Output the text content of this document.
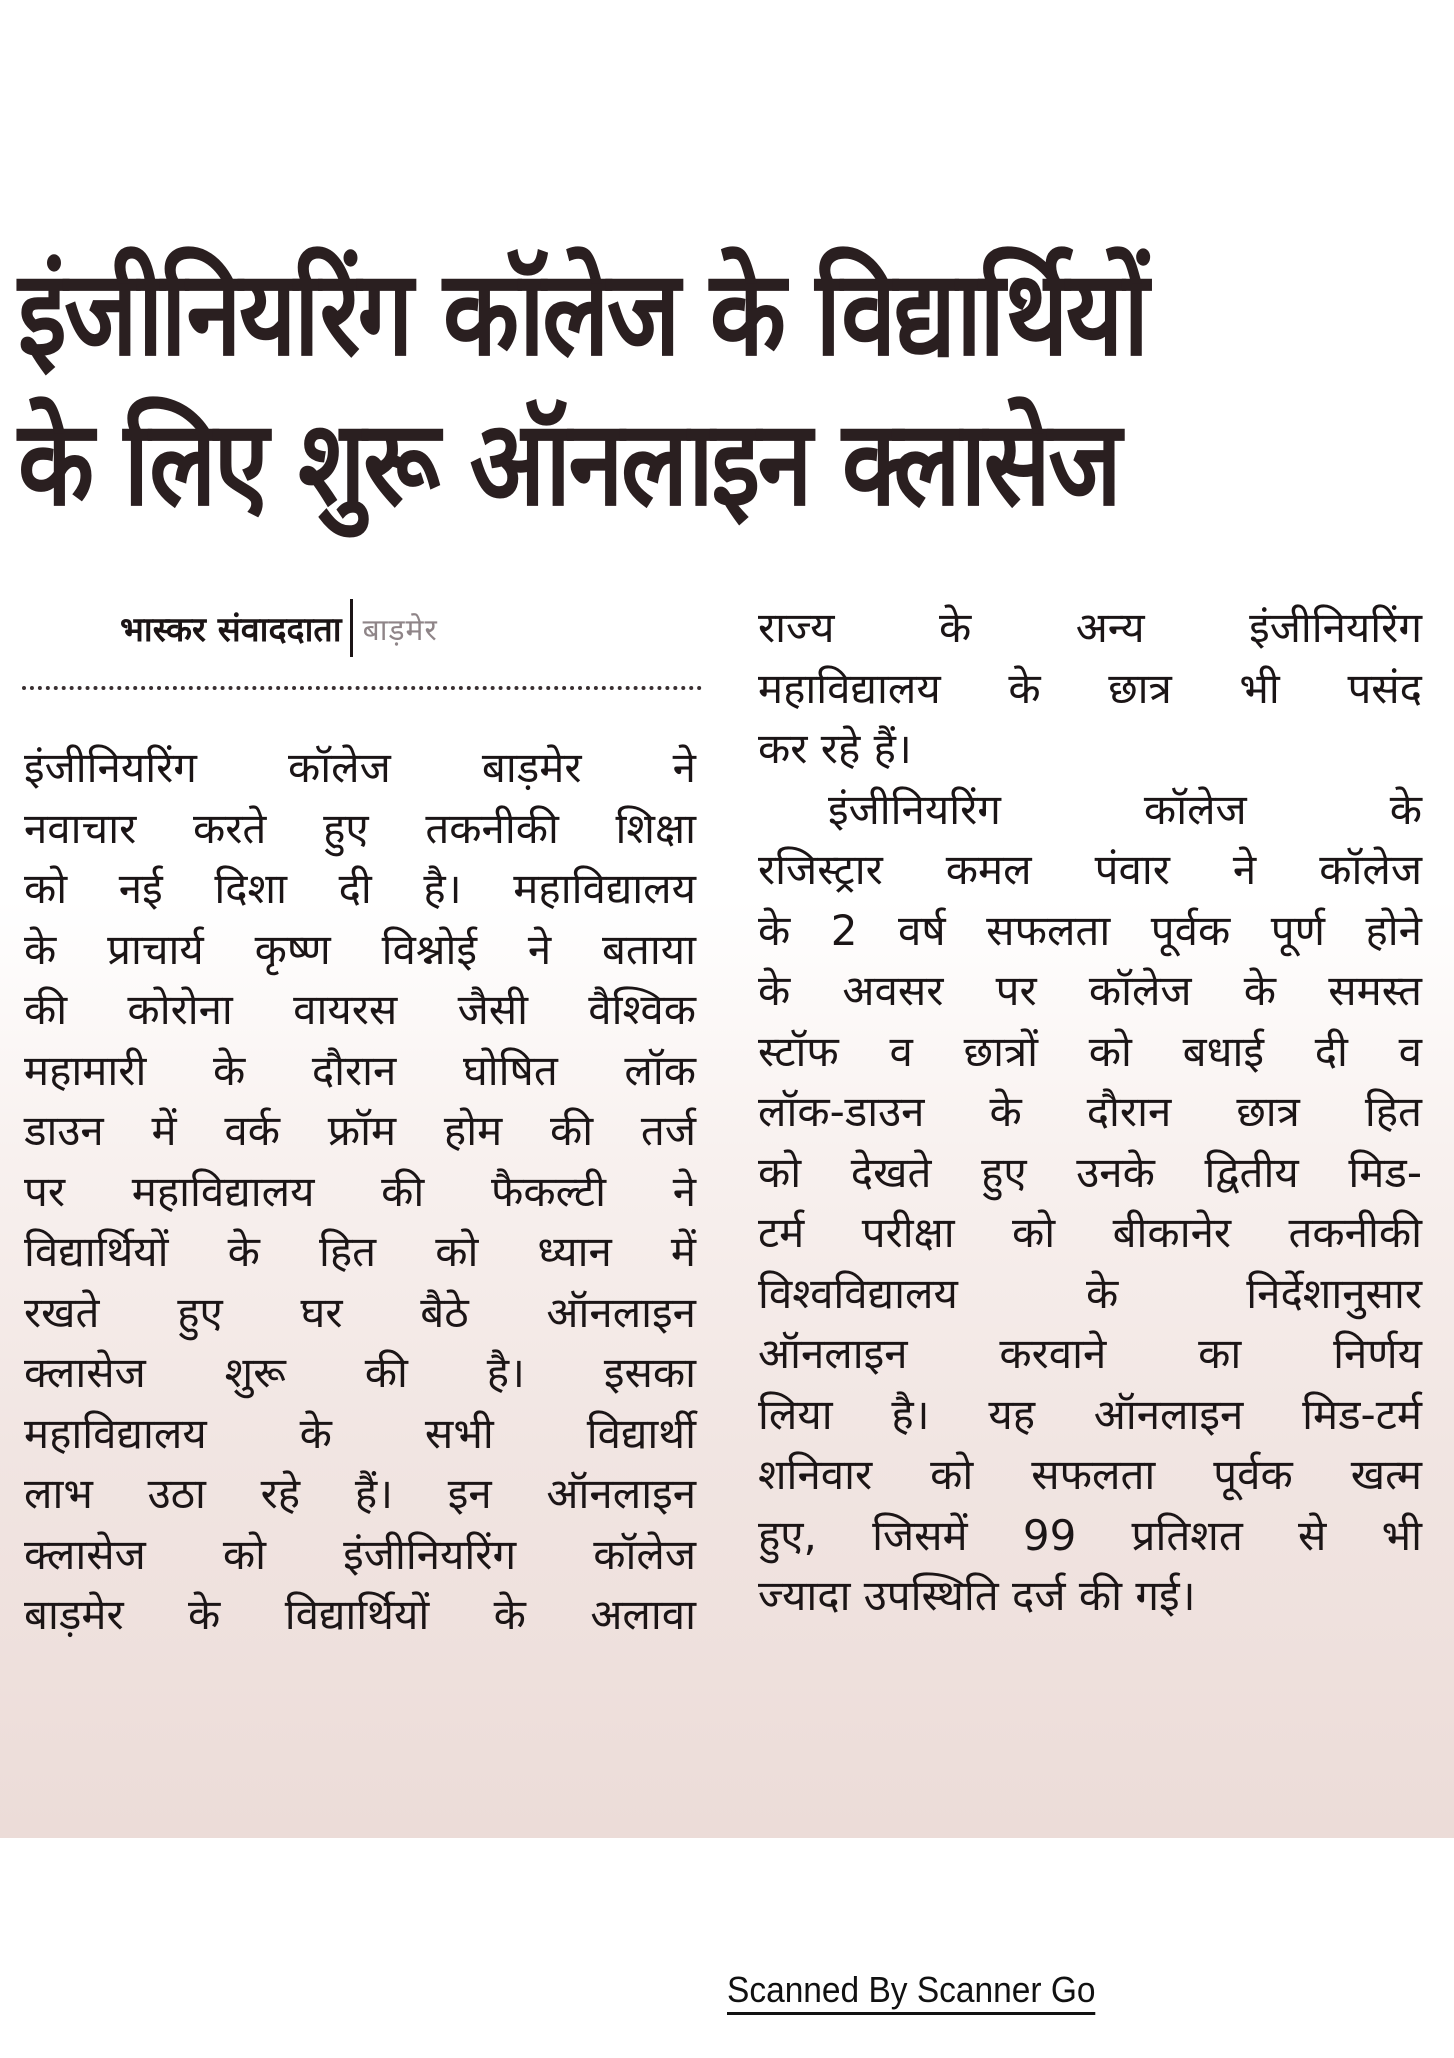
इंजीनियरिंग कॉलेज के विद्यार्थियों
के लिए शुरू ऑनलाइन क्लासेज
भास्कर संवाददाता बाड़मेर
इंजीनियरिंग कॉलेज बाड़मेर ने
नवाचार करते हुए तकनीकी शिक्षा
को नई दिशा दी है। महाविद्यालय
के प्राचार्य कृष्ण विश्नोई ने बताया
की कोरोना वायरस जैसी वैश्विक
महामारी के दौरान घोषित लॉक
डाउन में वर्क फ्रॉम होम की तर्ज
पर महाविद्यालय की फैकल्टी ने
विद्यार्थियों के हित को ध्यान में
रखते हुए घर बैठे ऑनलाइन
क्लासेज शुरू की है। इसका
महाविद्यालय के सभी विद्यार्थी
लाभ उठा रहे हैं। इन ऑनलाइन
क्लासेज को इंजीनियरिंग कॉलेज
बाड़मेर के विद्यार्थियों के अलावा
राज्य के अन्य इंजीनियरिंग
महाविद्यालय के छात्र भी पसंद
कर रहे हैं।
इंजीनियरिंग कॉलेज के
रजिस्ट्रार कमल पंवार ने कॉलेज
के 2 वर्ष सफलता पूर्वक पूर्ण होने
के अवसर पर कॉलेज के समस्त
स्टॉफ व छात्रों को बधाई दी व
लॉक-डाउन के दौरान छात्र हित
को देखते हुए उनके द्वितीय मिड-
टर्म परीक्षा को बीकानेर तकनीकी
विश्वविद्यालय के निर्देशानुसार
ऑनलाइन करवाने का निर्णय
लिया है। यह ऑनलाइन मिड-टर्म
शनिवार को सफलता पूर्वक खत्म
हुए, जिसमें 99 प्रतिशत से भी
ज्यादा उपस्थिति दर्ज की गई।
Scanned By Scanner Go
